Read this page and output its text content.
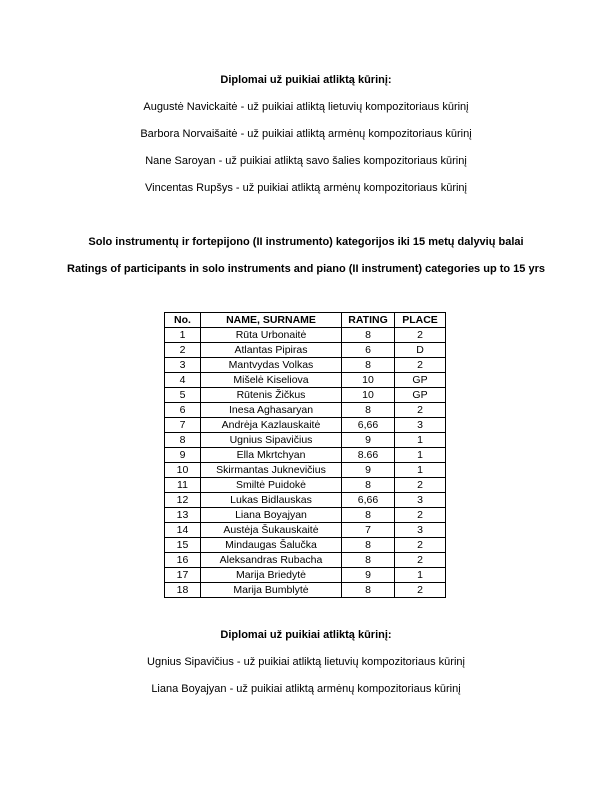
Diplomai už puikiai atliktą kūrinį:
Augustė Navickaitė - už puikiai atliktą lietuvių kompozitoriaus kūrinį
Barbora Norvaišaitė - už puikiai atliktą armėnų kompozitoriaus kūrinį
Nane Saroyan - už puikiai atliktą savo šalies kompozitoriaus kūrinį
Vincentas Rupšys - už puikiai atliktą armėnų kompozitoriaus kūrinį
Solo instrumentų ir fortepijono (II instrumento) kategorijos iki 15 metų dalyvių balai
Ratings of participants in solo instruments and piano (II instrument) categories up to 15 yrs
No.	NAME, SURNAME	RATING	PLACE
1	Rūta Urbonaitė	8	2
2	Atlantas Pipiras	6	D
3	Mantvydas Volkas	8	2
4	Mišelė Kiseliova	10	GP
5	Rūtenis Žičkus	10	GP
6	Inesa Aghasaryan	8	2
7	Andrėja Kazlauskaitė	6,66	3
8	Ugnius Sipavičius	9	1
9	Ella Mkrtchyan	8.66	1
10	Skirmantas Juknevičius	9	1
11	Smiltė Puidokė	8	2
12	Lukas Bidlauskas	6,66	3
13	Liana Boyajyan	8	2
14	Austėja Šukauskaitė	7	3
15	Mindaugas Šalučka	8	2
16	Aleksandras Rubacha	8	2
17	Marija Briedytė	9	1
18	Marija Bumblytė	8	2
Diplomai už puikiai atliktą kūrinį:
Ugnius Sipavičius - už puikiai atliktą lietuvių kompozitoriaus kūrinį
Liana Boyajyan - už puikiai atliktą armėnų kompozitoriaus kūrinį
